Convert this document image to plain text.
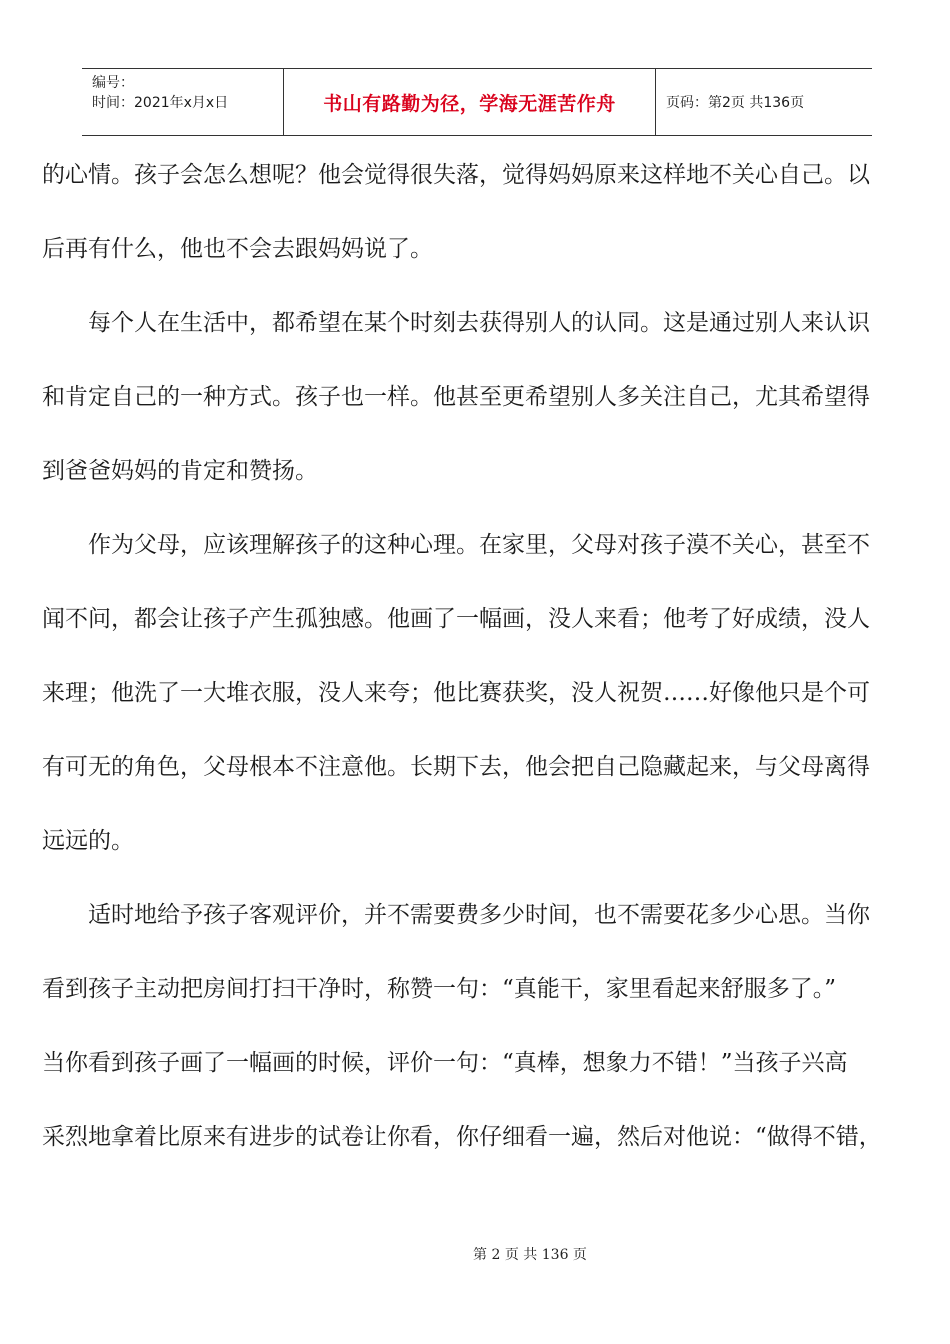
编号：
时间：2021年x月x日	书山有路勤为径，学海无涯苦作舟	页码：第2页 共136页
的心情。孩子会怎么想呢？他会觉得很失落，觉得妈妈原来这样地不关心自己。以
后再有什么，他也不会去跟妈妈说了。
　　每个人在生活中，都希望在某个时刻去获得别人的认同。这是通过别人来认识
和肯定自己的一种方式。孩子也一样。他甚至更希望别人多关注自己，尤其希望得
到爸爸妈妈的肯定和赞扬。
　　作为父母，应该理解孩子的这种心理。在家里，父母对孩子漠不关心，甚至不
闻不问，都会让孩子产生孤独感。他画了一幅画，没人来看；他考了好成绩，没人
来理；他洗了一大堆衣服，没人来夸；他比赛获奖，没人祝贺……好像他只是个可
有可无的角色，父母根本不注意他。长期下去，他会把自己隐藏起来，与父母离得
远远的。
　　适时地给予孩子客观评价，并不需要费多少时间，也不需要花多少心思。当你
看到孩子主动把房间打扫干净时，称赞一句：“真能干，家里看起来舒服多了。”
当你看到孩子画了一幅画的时候，评价一句：“真棒，想象力不错！”当孩子兴高
采烈地拿着比原来有进步的试卷让你看，你仔细看一遍，然后对他说：“做得不错，
第 2 页 共 136 页
